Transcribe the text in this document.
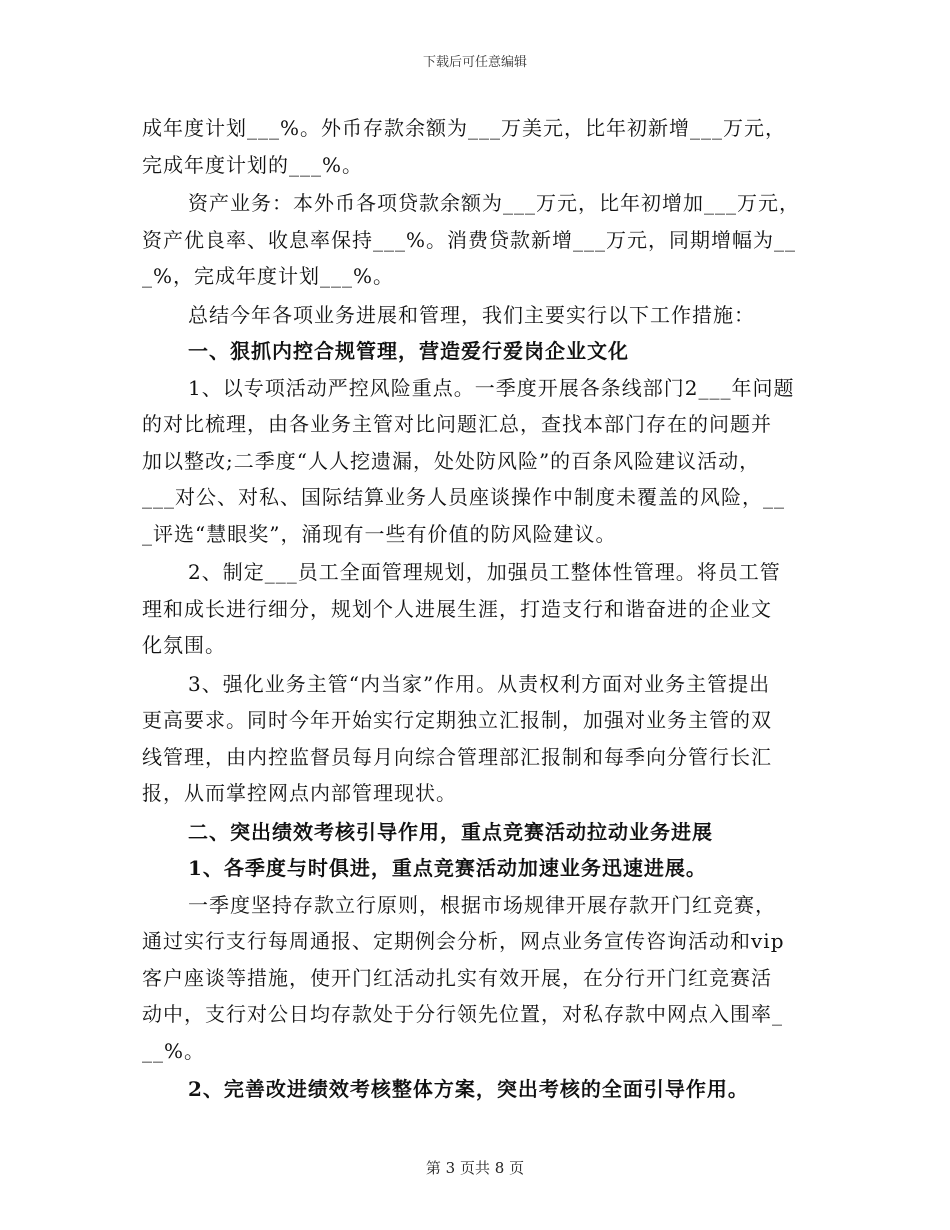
下载后可任意编辑
成年度计划___%。外币存款余额为___万美元，比年初新增___万元，
完成年度计划的___%。
资产业务：本外币各项贷款余额为___万元，比年初增加___万元，
资产优良率、收息率保持___%。消费贷款新增___万元，同期增幅为__
_%，完成年度计划___%。
总结今年各项业务进展和管理，我们主要实行以下工作措施：
一、狠抓内控合规管理，营造爱行爱岗企业文化
1、以专项活动严控风险重点。一季度开展各条线部门2___年问题
的对比梳理，由各业务主管对比问题汇总，查找本部门存在的问题并
加以整改;二季度“人人挖遗漏，处处防风险”的百条风险建议活动，
___对公、对私、国际结算业务人员座谈操作中制度未覆盖的风险，__
_评选“慧眼奖”，涌现有一些有价值的防风险建议。
2、制定___员工全面管理规划，加强员工整体性管理。将员工管
理和成长进行细分，规划个人进展生涯，打造支行和谐奋进的企业文
化氛围。
3、强化业务主管“内当家”作用。从责权利方面对业务主管提出
更高要求。同时今年开始实行定期独立汇报制，加强对业务主管的双
线管理，由内控监督员每月向综合管理部汇报制和每季向分管行长汇
报，从而掌控网点内部管理现状。
二、突出绩效考核引导作用，重点竞赛活动拉动业务进展
1、各季度与时俱进，重点竞赛活动加速业务迅速进展。
一季度坚持存款立行原则，根据市场规律开展存款开门红竞赛，
通过实行支行每周通报、定期例会分析，网点业务宣传咨询活动和vip
客户座谈等措施，使开门红活动扎实有效开展，在分行开门红竞赛活
动中，支行对公日均存款处于分行领先位置，对私存款中网点入围率_
__%。
2、完善改进绩效考核整体方案，突出考核的全面引导作用。
第 3 页共 8 页
